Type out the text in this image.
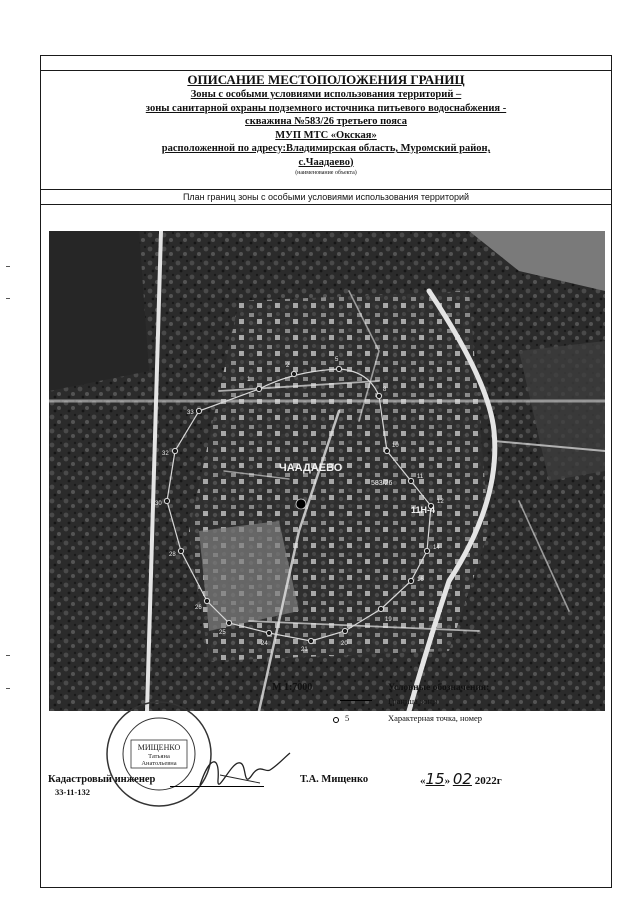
ОПИСАНИЕ МЕСТОПОЛОЖЕНИЯ ГРАНИЦ
Зоны с особыми условиями использования территорий –
зоны санитарной охраны подземного источника питьевого водоснабжения -
скважина №583/26 третьего пояса
МУП МТС «Окская»
расположенной по адресу:Владимирская область, Муромский район,
с.Чаадаево)
(наименование объекта)
План границ зоны с особыми условиями использования территорий
1
2
5
8
10
11
12
14
16
19
20
21
24
25
26
28
30
32
33
ЧААДАЕВО
11Н-4
583/26
М 1:7000	Условные обозначения:
Граница зоны
5	Характерная точка, номер
МИЩЕНКО
Татьяна
Анатольевна
Кадастровый инженер
33-11-132
Т.А. Мищенко	«15» 02 2022г
